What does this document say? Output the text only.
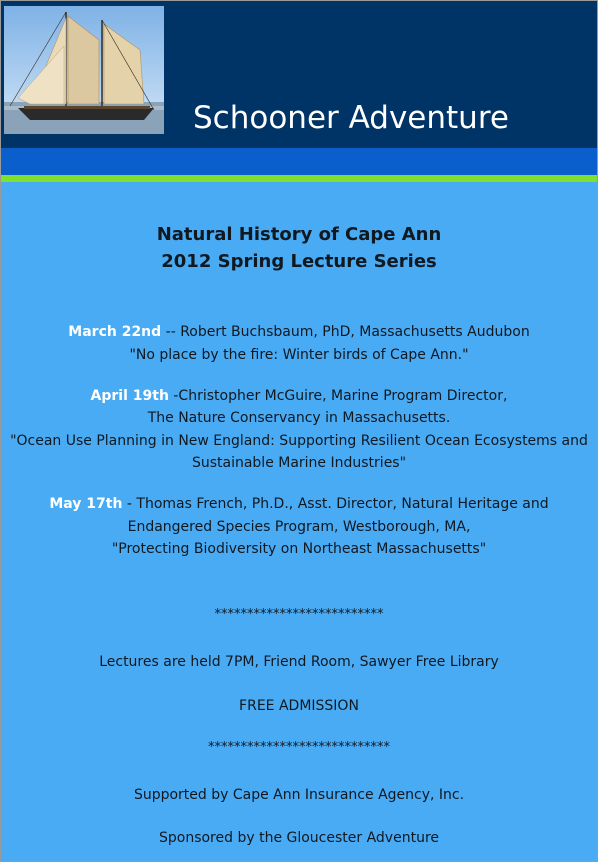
Schooner Adventure
Natural History of Cape Ann
2012 Spring Lecture Series
March 22nd -- Robert Buchsbaum, PhD, Massachusetts Audubon
"No place by the fire: Winter birds of Cape Ann."
April 19th -Christopher McGuire, Marine Program Director,
The Nature Conservancy in Massachusetts.
"Ocean Use Planning in New England: Supporting Resilient Ocean Ecosystems and
Sustainable Marine Industries"
May 17th - Thomas French, Ph.D., Asst. Director, Natural Heritage and
Endangered Species Program, Westborough, MA,
"Protecting Biodiversity on Northeast Massachusetts"
**************************
Lectures are held 7PM, Friend Room, Sawyer Free Library
FREE ADMISSION
****************************
Supported by Cape Ann Insurance Agency, Inc.
Sponsored by the Gloucester Adventure
